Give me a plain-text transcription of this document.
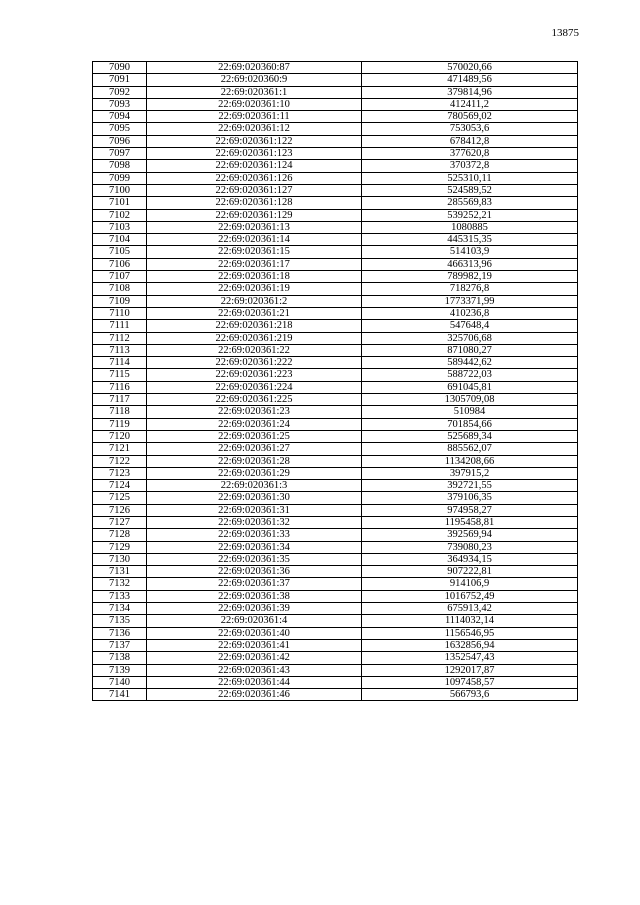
13875
7090	22:69:020360:87	570020,66
7091	22:69:020360:9	471489,56
7092	22:69:020361:1	379814,96
7093	22:69:020361:10	412411,2
7094	22:69:020361:11	780569,02
7095	22:69:020361:12	753053,6
7096	22:69:020361:122	678412,8
7097	22:69:020361:123	377620,8
7098	22:69:020361:124	370372,8
7099	22:69:020361:126	525310,11
7100	22:69:020361:127	524589,52
7101	22:69:020361:128	285569,83
7102	22:69:020361:129	539252,21
7103	22:69:020361:13	1080885
7104	22:69:020361:14	445315,35
7105	22:69:020361:15	514103,9
7106	22:69:020361:17	466313,96
7107	22:69:020361:18	789982,19
7108	22:69:020361:19	718276,8
7109	22:69:020361:2	1773371,99
7110	22:69:020361:21	410236,8
7111	22:69:020361:218	547648,4
7112	22:69:020361:219	325706,68
7113	22:69:020361:22	871080,27
7114	22:69:020361:222	589442,62
7115	22:69:020361:223	588722,03
7116	22:69:020361:224	691045,81
7117	22:69:020361:225	1305709,08
7118	22:69:020361:23	510984
7119	22:69:020361:24	701854,66
7120	22:69:020361:25	525689,34
7121	22:69:020361:27	885562,07
7122	22:69:020361:28	1134208,66
7123	22:69:020361:29	397915,2
7124	22:69:020361:3	392721,55
7125	22:69:020361:30	379106,35
7126	22:69:020361:31	974958,27
7127	22:69:020361:32	1195458,81
7128	22:69:020361:33	392569,94
7129	22:69:020361:34	739080,23
7130	22:69:020361:35	364934,15
7131	22:69:020361:36	907222,81
7132	22:69:020361:37	914106,9
7133	22:69:020361:38	1016752,49
7134	22:69:020361:39	675913,42
7135	22:69:020361:4	1114032,14
7136	22:69:020361:40	1156546,95
7137	22:69:020361:41	1632856,94
7138	22:69:020361:42	1352547,43
7139	22:69:020361:43	1292017,87
7140	22:69:020361:44	1097458,57
7141	22:69:020361:46	566793,6
